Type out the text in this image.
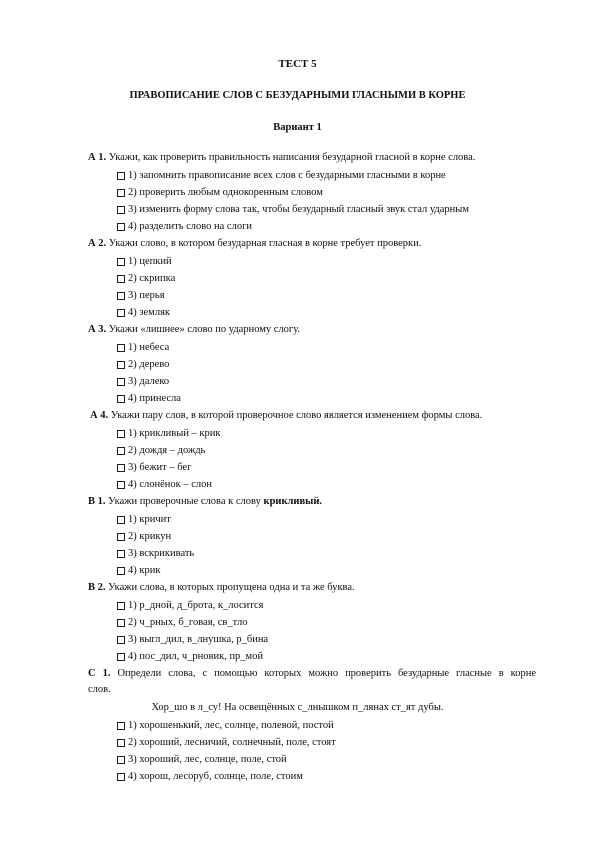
ТЕСТ 5
ПРАВОПИСАНИЕ СЛОВ С БЕЗУДАРНЫМИ ГЛАСНЫМИ В КОРНЕ
Вариант 1
А 1. Укажи, как проверить правильность написания безударной гласной в корне слова.
1) запомнить правописание всех слов с безударными гласными в корне
2) проверить любым однокоренным словом
3) изменить форму слова так, чтобы безударный гласный звук стал ударным
4) разделить слово на слоги
А 2. Укажи слово, в котором безударная гласная в корне требует проверки.
1) цепкий
2) скрипка
3) перья
4) земляк
А 3. Укажи «лишнее» слово по ударному слогу.
1) небеса
2) дерево
3) далеко
4) принесла
А 4. Укажи пару слов, в которой проверочное слово является изменением формы слова.
1) крикливый – крик
2) дождя – дождь
3) бежит – бег
4) слонёнок – слон
В 1. Укажи проверочные слова к слову крикливый.
1) кричит
2) крикун
3) вскрикивать
4) крик
В 2. Укажи слова, в которых пропущена одна и та же буква.
1) р_дной, д_брота, к_лосится
2) ч_рных, б_говая, св_тло
3) выгл_дил, в_лнушка, р_бина
4) пос_дил, ч_рновик, пр_мой
С 1. Определи слова, с помощью которых можно проверить безударные гласные в корне
слов.
Хор_шо в л_су! На освещённых с_лнышком п_лянах ст_ят дубы.
1) хорошенький, лес, солнце, полевой, постой
2) хороший, лесничий, солнечный, поле, стоят
3) хороший, лес, солнце, поле, стой
4) хорош, лесоруб, солнце, поле, стоим
